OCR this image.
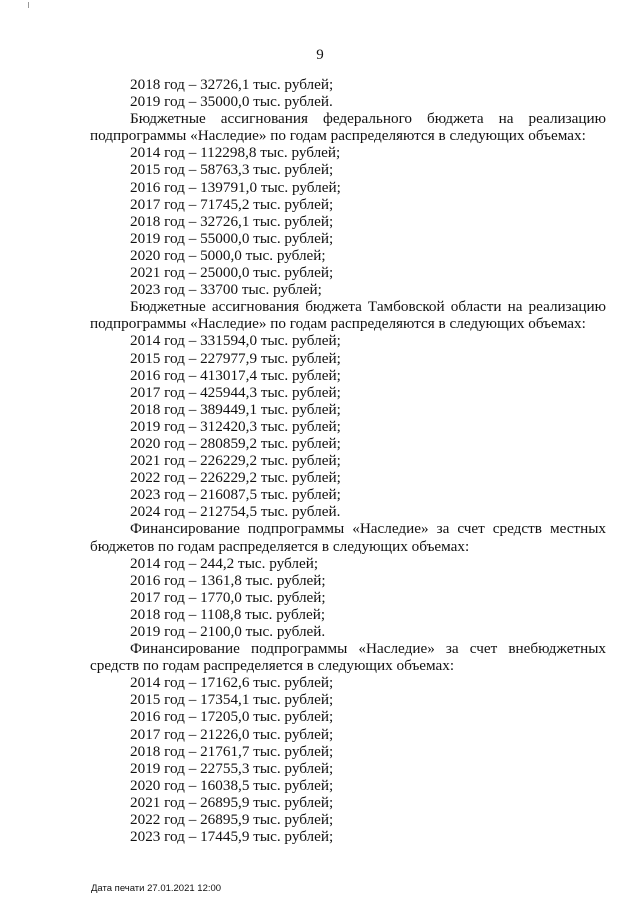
9

2018 год – 32726,1 тыс. рублей;

2019 год – 35000,0 тыс. рублей.

Бюджетные ассигнования федерального бюджета на реализацию

подпрограммы «Наследие» по годам распределяются в следующих объемах:

2014 год – 112298,8 тыс. рублей;

2015 год – 58763,3 тыс. рублей;

2016 год – 139791,0 тыс. рублей;

2017 год – 71745,2 тыс. рублей;

2018 год – 32726,1 тыс. рублей;

2019 год – 55000,0 тыс. рублей;

2020 год – 5000,0 тыс. рублей;

2021 год – 25000,0 тыс. рублей;

2023 год – 33700 тыс. рублей;

Бюджетные ассигнования бюджета Тамбовской области на реализацию

подпрограммы «Наследие» по годам распределяются в следующих объемах:

2014 год – 331594,0 тыс. рублей;

2015 год – 227977,9 тыс. рублей;

2016 год – 413017,4 тыс. рублей;

2017 год – 425944,3 тыс. рублей;

2018 год – 389449,1 тыс. рублей;

2019 год – 312420,3 тыс. рублей;

2020 год – 280859,2 тыс. рублей;

2021 год – 226229,2 тыс. рублей;

2022 год – 226229,2 тыс. рублей;

2023 год – 216087,5 тыс. рублей;

2024 год – 212754,5 тыс. рублей.

Финансирование подпрограммы «Наследие» за счет средств местных

бюджетов по годам распределяется в следующих объемах:

2014 год – 244,2 тыс. рублей;

2016 год – 1361,8 тыс. рублей;

2017 год – 1770,0 тыс. рублей;

2018 год – 1108,8 тыс. рублей;

2019 год – 2100,0 тыс. рублей.

Финансирование подпрограммы «Наследие» за счет внебюджетных

средств по годам распределяется в следующих объемах:

2014 год – 17162,6 тыс. рублей;

2015 год – 17354,1 тыс. рублей;

2016 год – 17205,0 тыс. рублей;

2017 год – 21226,0 тыс. рублей;

2018 год – 21761,7 тыс. рублей;

2019 год – 22755,3 тыс. рублей;

2020 год – 16038,5 тыс. рублей;

2021 год – 26895,9 тыс. рублей;

2022 год – 26895,9 тыс. рублей;

2023 год – 17445,9 тыс. рублей;

Дата печати 27.01.2021 12:00
